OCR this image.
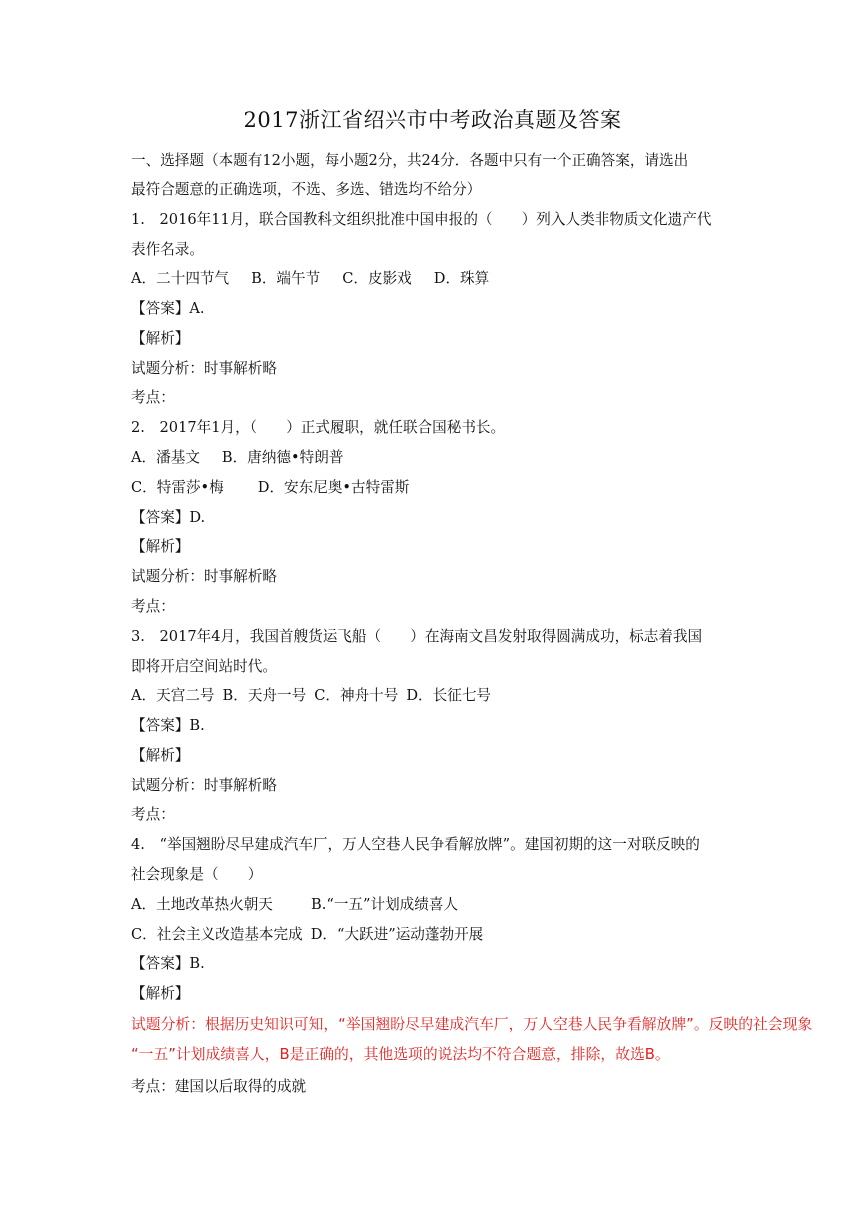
2017浙江省绍兴市中考政治真题及答案
一、选择题（本题有12小题，每小题2分，共24分．各题中只有一个正确答案，请选出
最符合题意的正确选项，不选、多选、错选均不给分）
1.　2016年11月，联合国教科文组织批准中国申报的（　　）列入人类非物质文化遗产代
表作名录。
A．二十四节气 B．端午节 C．皮影戏 D．珠算
【答案】A.
【解析】
试题分析：时事解析略
考点：
2.　2017年1月，（　　）正式履职，就任联合国秘书长。
A．潘基文 B．唐纳德•特朗普
C．特雷莎•梅 D．安东尼奥•古特雷斯
【答案】D.
【解析】
试题分析：时事解析略
考点：
3.　2017年4月，我国首艘货运飞船（　　）在海南文昌发射取得圆满成功，标志着我国
即将开启空间站时代。
A．天宫二号 B．天舟一号 C．神舟十号 D．长征七号
【答案】B.
【解析】
试题分析：时事解析略
考点：
4.　“举国翘盼尽早建成汽车厂，万人空巷人民争看解放牌”。建国初期的这一对联反映的
社会现象是（　　）
A．土地改革热火朝天	B.“一五”计划成绩喜人
C．社会主义改造基本完成 D．“大跃进”运动蓬勃开展
【答案】B.
【解析】
试题分析：根据历史知识可知，“举国翘盼尽早建成汽车厂，万人空巷人民争看解放牌”。反映的社会现象
“一五”计划成绩喜人，B是正确的，其他选项的说法均不符合题意，排除，故选B。
考点：建国以后取得的成就
